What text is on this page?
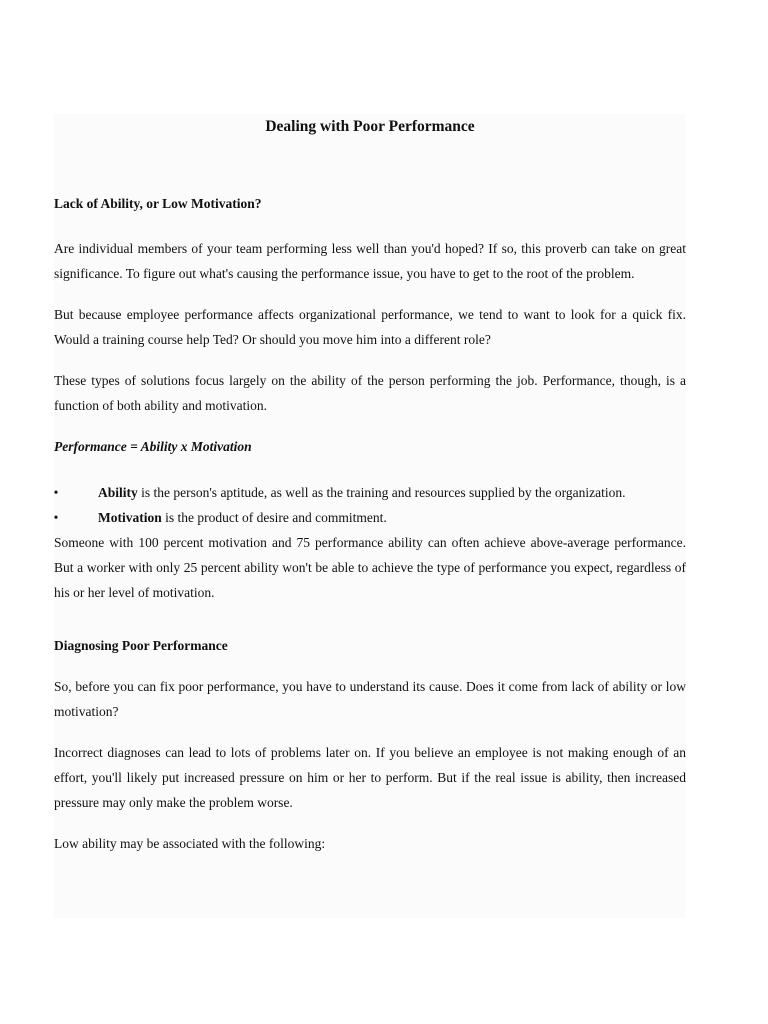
Dealing with Poor Performance
Lack of Ability, or Low Motivation?

Are individual members of your team performing less well than you'd hoped? If so, this proverb can take on great significance. To figure out what's causing the performance issue, you have to get to the root of the problem.

But because employee performance affects organizational performance, we tend to want to look for a quick fix. Would a training course help Ted? Or should you move him into a different role?

These types of solutions focus largely on the ability of the person performing the job. Performance, though, is a function of both ability and motivation.

Performance = Ability x Motivation
•	Ability is the person's aptitude, as well as the training and resources supplied by the organization.
•	Motivation is the product of desire and commitment.

Someone with 100 percent motivation and 75 performance ability can often achieve above-average performance. But a worker with only 25 percent ability won't be able to achieve the type of performance you expect, regardless of his or her level of motivation.

Diagnosing Poor Performance

So, before you can fix poor performance, you have to understand its cause. Does it come from lack of ability or low motivation?

Incorrect diagnoses can lead to lots of problems later on. If you believe an employee is not making enough of an effort, you'll likely put increased pressure on him or her to perform. But if the real issue is ability, then increased pressure may only make the problem worse.

Low ability may be associated with the following:
